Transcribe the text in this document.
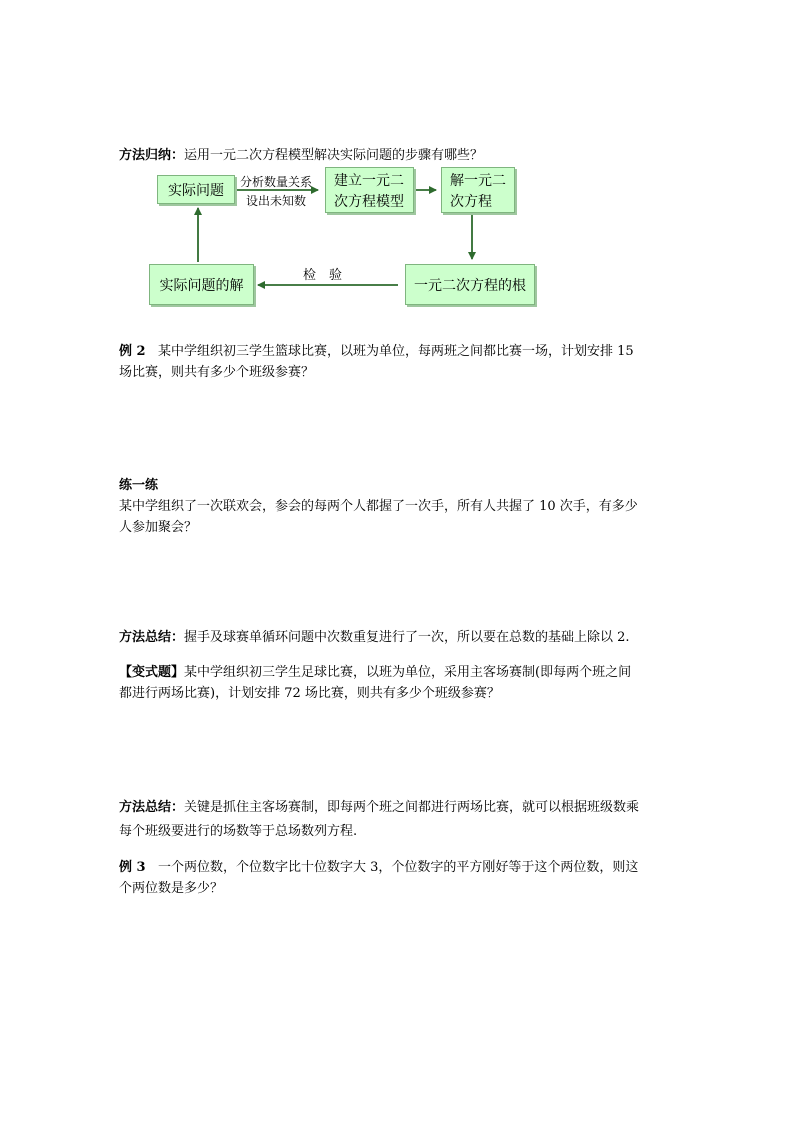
方法归纳：运用一元二次方程模型解决实际问题的步骤有哪些？
实际问题
分析数量关系
设出未知数
建立一元二
次方程模型
解一元二
次方程
一元二次方程的根
检　验
实际问题的解
例 2 某中学组织初三学生篮球比赛，以班为单位，每两班之间都比赛一场，计划安排 15
场比赛，则共有多少个班级参赛？
练一练
某中学组织了一次联欢会，参会的每两个人都握了一次手，所有人共握了 10 次手，有多少
人参加聚会？
方法总结：握手及球赛单循环问题中次数重复进行了一次，所以要在总数的基础上除以 2.
【变式题】某中学组织初三学生足球比赛，以班为单位，采用主客场赛制(即每两个班之间
都进行两场比赛)，计划安排 72 场比赛，则共有多少个班级参赛？
方法总结：关键是抓住主客场赛制，即每两个班之间都进行两场比赛，就可以根据班级数乘
每个班级要进行的场数等于总场数列方程.
例 3 一个两位数，个位数字比十位数字大 3，个位数字的平方刚好等于这个两位数，则这
个两位数是多少？
